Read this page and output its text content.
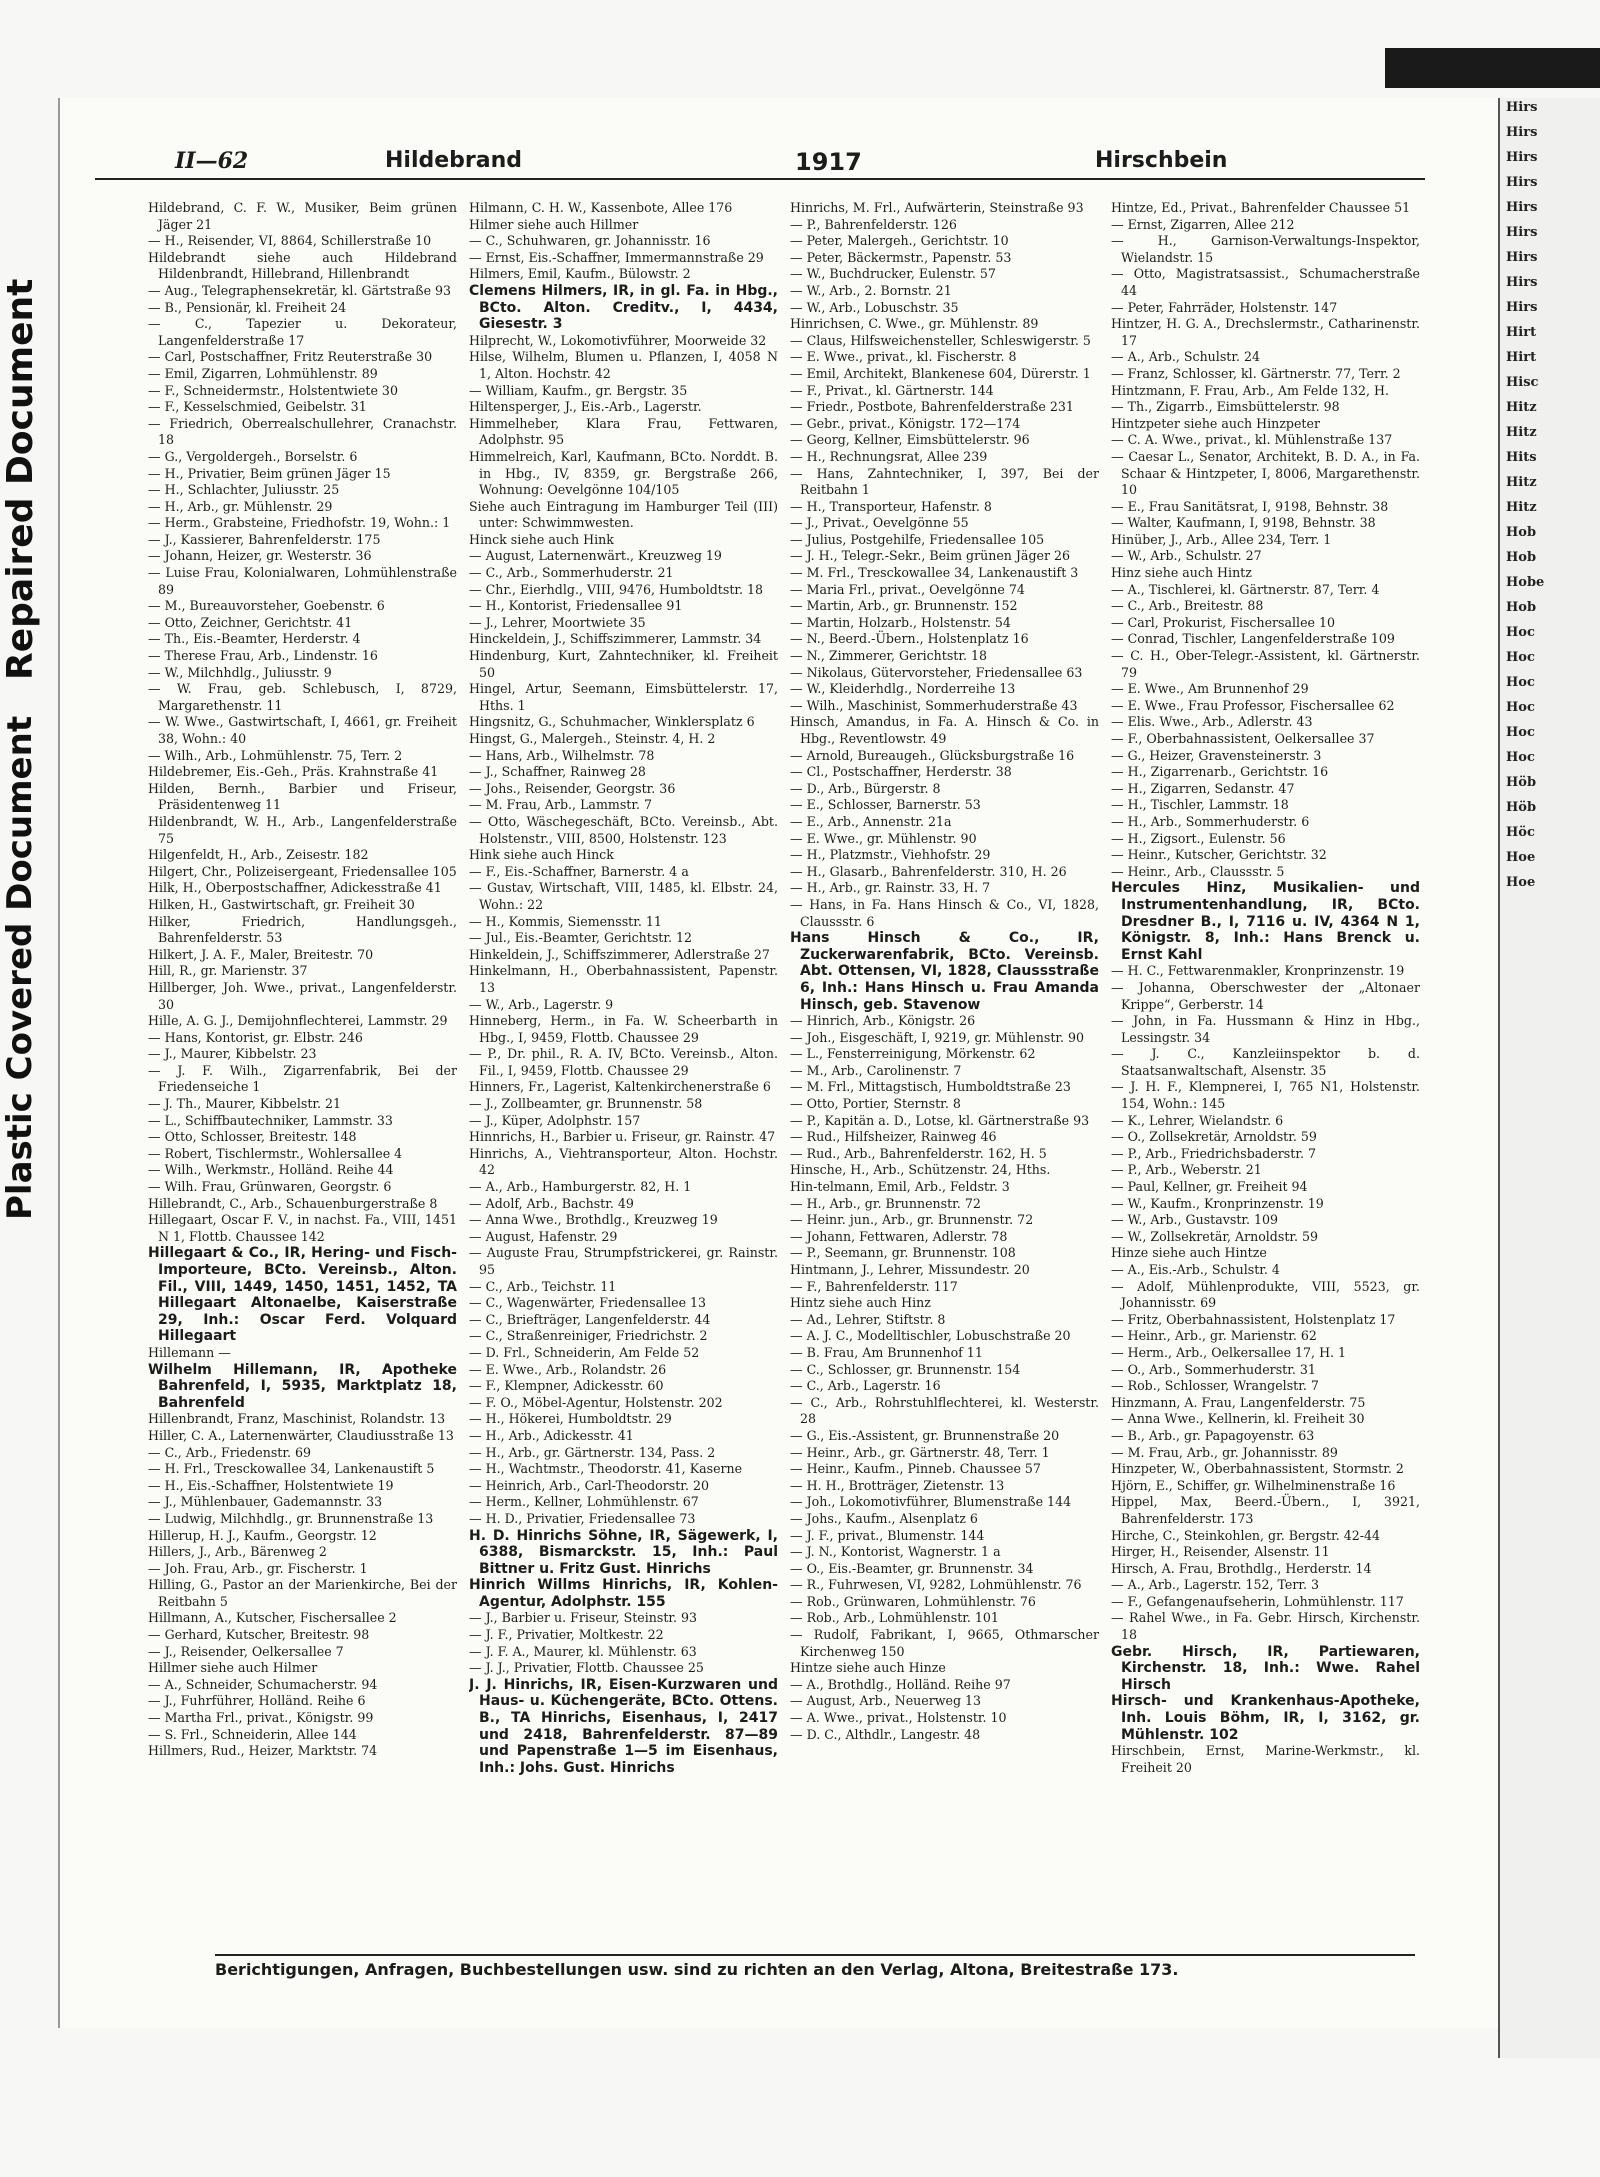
Plastic Covered Document
Repaired Document
Hirs
Hirs
Hirs
Hirs
Hirs
Hirs
Hirs
Hirs
Hirs
Hirt
Hirt
Hisc
Hitz
Hitz
Hits
Hitz
Hitz
Hob
Hob
Hobe
Hob
Hoc
Hoc
Hoc
Hoc
Hoc
Hoc
Höb
Höb
Höc
Hoe
Hoe
II—62	Hildebrand	1917	Hirschbein

Hildebrand, C. F. W., Musiker, Beim grünen Jäger 21

— H., Reisender, VI, 8864, Schillerstraße 10

Hildebrandt siehe auch Hildebrand Hildenbrandt, Hillebrand, Hillenbrandt

— Aug., Telegraphensekretär, kl. Gärtstraße 93

— B., Pensionär, kl. Freiheit 24

— C., Tapezier u. Dekorateur, Langenfelderstraße 17

— Carl, Postschaffner, Fritz Reuterstraße 30

— Emil, Zigarren, Lohmühlenstr. 89

— F., Schneidermstr., Holstentwiete 30

— F., Kesselschmied, Geibelstr. 31

— Friedrich, Oberrealschullehrer, Cranachstr. 18

— G., Vergoldergeh., Borselstr. 6

— H., Privatier, Beim grünen Jäger 15

— H., Schlachter, Juliusstr. 25

— H., Arb., gr. Mühlenstr. 29

— Herm., Grabsteine, Friedhofstr. 19, Wohn.: 1

— J., Kassierer, Bahrenfelderstr. 175

— Johann, Heizer, gr. Westerstr. 36

— Luise Frau, Kolonialwaren, Lohmühlenstraße 89

— M., Bureauvorsteher, Goebenstr. 6

— Otto, Zeichner, Gerichtstr. 41

— Th., Eis.-Beamter, Herderstr. 4

— Therese Frau, Arb., Lindenstr. 16

— W., Milchhdlg., Juliusstr. 9

— W. Frau, geb. Schlebusch, I, 8729, Margarethenstr. 11

— W. Wwe., Gastwirtschaft, I, 4661, gr. Freiheit 38, Wohn.: 40

— Wilh., Arb., Lohmühlenstr. 75, Terr. 2

Hildebremer, Eis.-Geh., Präs. Krahnstraße 41

Hilden, Bernh., Barbier und Friseur, Präsidentenweg 11

Hildenbrandt, W. H., Arb., Langenfelderstraße 75

Hilgenfeldt, H., Arb., Zeisestr. 182

Hilgert, Chr., Polizeisergeant, Friedensallee 105

Hilk, H., Oberpostschaffner, Adickesstraße 41

Hilken, H., Gastwirtschaft, gr. Freiheit 30

Hilker, Friedrich, Handlungsgeh., Bahrenfelderstr. 53

Hilkert, J. A. F., Maler, Breitestr. 70

Hill, R., gr. Marienstr. 37

Hillberger, Joh. Wwe., privat., Langenfelderstr. 30

Hille, A. G. J., Demijohnflechterei, Lammstr. 29

— Hans, Kontorist, gr. Elbstr. 246

— J., Maurer, Kibbelstr. 23

— J. F. Wilh., Zigarrenfabrik, Bei der Friedenseiche 1

— J. Th., Maurer, Kibbelstr. 21

— L., Schiffbautechniker, Lammstr. 33

— Otto, Schlosser, Breitestr. 148

— Robert, Tischlermstr., Wohlersallee 4

— Wilh., Werkmstr., Holländ. Reihe 44

— Wilh. Frau, Grünwaren, Georgstr. 6

Hillebrandt, C., Arb., Schauenburgerstraße 8

Hillegaart, Oscar F. V., in nachst. Fa., VIII, 1451 N 1, Flottb. Chaussee 142

Hillegaart & Co., IR, Hering- und Fisch-Importeure, BCto. Vereinsb., Alton. Fil., VIII, 1449, 1450, 1451, 1452, TA Hillegaart Altonaelbe, Kaiserstraße 29, Inh.: Oscar Ferd. Volquard Hillegaart

Hillemann —

Wilhelm Hillemann, IR, Apotheke Bahrenfeld, I, 5935, Marktplatz 18, Bahrenfeld

Hillenbrandt, Franz, Maschinist, Rolandstr. 13

Hiller, C. A., Laternenwärter, Claudiusstraße 13

— C., Arb., Friedenstr. 69

— H. Frl., Tresckowallee 34, Lankenaustift 5

— H., Eis.-Schaffner, Holstentwiete 19

— J., Mühlenbauer, Gademannstr. 33

— Ludwig, Milchhdlg., gr. Brunnenstraße 13

Hillerup, H. J., Kaufm., Georgstr. 12

Hillers, J., Arb., Bärenweg 2

— Joh. Frau, Arb., gr. Fischerstr. 1

Hilling, G., Pastor an der Marienkirche, Bei der Reitbahn 5

Hillmann, A., Kutscher, Fischersallee 2

— Gerhard, Kutscher, Breitestr. 98

— J., Reisender, Oelkersallee 7

Hillmer siehe auch Hilmer

— A., Schneider, Schumacherstr. 94

— J., Fuhrführer, Holländ. Reihe 6

— Martha Frl., privat., Königstr. 99

— S. Frl., Schneiderin, Allee 144

Hillmers, Rud., Heizer, Marktstr. 74

Hilmann, C. H. W., Kassenbote, Allee 176

Hilmer siehe auch Hillmer

— C., Schuhwaren, gr. Johannisstr. 16

— Ernst, Eis.-Schaffner, Immermannstraße 29

Hilmers, Emil, Kaufm., Bülowstr. 2

Clemens Hilmers, IR, in gl. Fa. in Hbg., BCto. Alton. Creditv., I, 4434, Giesestr. 3

Hilprecht, W., Lokomotivführer, Moorweide 32

Hilse, Wilhelm, Blumen u. Pflanzen, I, 4058 N 1, Alton. Hochstr. 42

— William, Kaufm., gr. Bergstr. 35

Hiltensperger, J., Eis.-Arb., Lagerstr.

Himmelheber, Klara Frau, Fettwaren, Adolphstr. 95

Himmelreich, Karl, Kaufmann, BCto. Norddt. B. in Hbg., IV, 8359, gr. Bergstraße 266, Wohnung: Oevelgönne 104/105

Siehe auch Eintragung im Hamburger Teil (III) unter: Schwimmwesten.

Hinck siehe auch Hink

— August, Laternenwärt., Kreuzweg 19

— C., Arb., Sommerhuderstr. 21

— Chr., Eierhdlg., VIII, 9476, Humboldtstr. 18

— H., Kontorist, Friedensallee 91

— J., Lehrer, Moortwiete 35

Hinckeldein, J., Schiffszimmerer, Lammstr. 34

Hindenburg, Kurt, Zahntechniker, kl. Freiheit 50

Hingel, Artur, Seemann, Eimsbüttelerstr. 17, Hths. 1

Hingsnitz, G., Schuhmacher, Winklersplatz 6

Hingst, G., Malergeh., Steinstr. 4, H. 2

— Hans, Arb., Wilhelmstr. 78

— J., Schaffner, Rainweg 28

— Johs., Reisender, Georgstr. 36

— M. Frau, Arb., Lammstr. 7

— Otto, Wäschegeschäft, BCto. Vereinsb., Abt. Holstenstr., VIII, 8500, Holstenstr. 123

Hink siehe auch Hinck

— F., Eis.-Schaffner, Barnerstr. 4 a

— Gustav, Wirtschaft, VIII, 1485, kl. Elbstr. 24, Wohn.: 22

— H., Kommis, Siemensstr. 11

— Jul., Eis.-Beamter, Gerichtstr. 12

Hinkeldein, J., Schiffszimmerer, Adlerstraße 27

Hinkelmann, H., Oberbahnassistent, Papenstr. 13

— W., Arb., Lagerstr. 9

Hinneberg, Herm., in Fa. W. Scheerbarth in Hbg., I, 9459, Flottb. Chaussee 29

— P., Dr. phil., R. A. IV, BCto. Vereinsb., Alton. Fil., I, 9459, Flottb. Chaussee 29

Hinners, Fr., Lagerist, Kaltenkirchenerstraße 6

— J., Zollbeamter, gr. Brunnenstr. 58

— J., Küper, Adolphstr. 157

Hinnrichs, H., Barbier u. Friseur, gr. Rainstr. 47

Hinrichs, A., Viehtransporteur, Alton. Hochstr. 42

— A., Arb., Hamburgerstr. 82, H. 1

— Adolf, Arb., Bachstr. 49

— Anna Wwe., Brothdlg., Kreuzweg 19

— August, Hafenstr. 29

— Auguste Frau, Strumpfstrickerei, gr. Rainstr. 95

— C., Arb., Teichstr. 11

— C., Wagenwärter, Friedensallee 13

— C., Briefträger, Langenfelderstr. 44

— C., Straßenreiniger, Friedrichstr. 2

— D. Frl., Schneiderin, Am Felde 52

— E. Wwe., Arb., Rolandstr. 26

— F., Klempner, Adickesstr. 60

— F. O., Möbel-Agentur, Holstenstr. 202

— H., Hökerei, Humboldtstr. 29

— H., Arb., Adickesstr. 41

— H., Arb., gr. Gärtnerstr. 134, Pass. 2

— H., Wachtmstr., Theodorstr. 41, Kaserne

— Heinrich, Arb., Carl-Theodorstr. 20

— Herm., Kellner, Lohmühlenstr. 67

— H. D., Privatier, Friedensallee 73

H. D. Hinrichs Söhne, IR, Sägewerk, I, 6388, Bismarckstr. 15, Inh.: Paul Bittner u. Fritz Gust. Hinrichs

Hinrich Willms Hinrichs, IR, Kohlen-Agentur, Adolphstr. 155

— J., Barbier u. Friseur, Steinstr. 93

— J. F., Privatier, Moltkestr. 22

— J. F. A., Maurer, kl. Mühlenstr. 63

— J. J., Privatier, Flottb. Chaussee 25

J. J. Hinrichs, IR, Eisen-Kurzwaren und Haus- u. Küchengeräte, BCto. Ottens. B., TA Hinrichs, Eisenhaus, I, 2417 und 2418, Bahrenfelderstr. 87—89 und Papenstraße 1—5 im Eisenhaus, Inh.: Johs. Gust. Hinrichs

Hinrichs, M. Frl., Aufwärterin, Steinstraße 93

— P., Bahrenfelderstr. 126

— Peter, Malergeh., Gerichtstr. 10

— Peter, Bäckermstr., Papenstr. 53

— W., Buchdrucker, Eulenstr. 57

— W., Arb., 2. Bornstr. 21

— W., Arb., Lobuschstr. 35

Hinrichsen, C. Wwe., gr. Mühlenstr. 89

— Claus, Hilfsweichensteller, Schleswigerstr. 5

— E. Wwe., privat., kl. Fischerstr. 8

— Emil, Architekt, Blankenese 604, Dürerstr. 1

— F., Privat., kl. Gärtnerstr. 144

— Friedr., Postbote, Bahrenfelderstraße 231

— Gebr., privat., Königstr. 172—174

— Georg, Kellner, Eimsbüttelerstr. 96

— H., Rechnungsrat, Allee 239

— Hans, Zahntechniker, I, 397, Bei der Reitbahn 1

— H., Transporteur, Hafenstr. 8

— J., Privat., Oevelgönne 55

— Julius, Postgehilfe, Friedensallee 105

— J. H., Telegr.-Sekr., Beim grünen Jäger 26

— M. Frl., Tresckowallee 34, Lankenaustift 3

— Maria Frl., privat., Oevelgönne 74

— Martin, Arb., gr. Brunnenstr. 152

— Martin, Holzarb., Holstenstr. 54

— N., Beerd.-Übern., Holstenplatz 16

— N., Zimmerer, Gerichtstr. 18

— Nikolaus, Gütervorsteher, Friedensallee 63

— W., Kleiderhdlg., Norderreihe 13

— Wilh., Maschinist, Sommerhuderstraße 43

Hinsch, Amandus, in Fa. A. Hinsch & Co. in Hbg., Reventlowstr. 49

— Arnold, Bureaugeh., Glücksburgstraße 16

— Cl., Postschaffner, Herderstr. 38

— D., Arb., Bürgerstr. 8

— E., Schlosser, Barnerstr. 53

— E., Arb., Annenstr. 21a

— E. Wwe., gr. Mühlenstr. 90

— H., Platzmstr., Viehhofstr. 29

— H., Glasarb., Bahrenfelderstr. 310, H. 26

— H., Arb., gr. Rainstr. 33, H. 7

— Hans, in Fa. Hans Hinsch & Co., VI, 1828, Claussstr. 6

Hans Hinsch & Co., IR, Zuckerwarenfabrik, BCto. Vereinsb. Abt. Ottensen, VI, 1828, Claussstraße 6, Inh.: Hans Hinsch u. Frau Amanda Hinsch, geb. Stavenow

— Hinrich, Arb., Königstr. 26

— Joh., Eisgeschäft, I, 9219, gr. Mühlenstr. 90

— L., Fensterreinigung, Mörkenstr. 62

— M., Arb., Carolinenstr. 7

— M. Frl., Mittagstisch, Humboldtstraße 23

— Otto, Portier, Sternstr. 8

— P., Kapitän a. D., Lotse, kl. Gärtnerstraße 93

— Rud., Hilfsheizer, Rainweg 46

— Rud., Arb., Bahrenfelderstr. 162, H. 5

Hinsche, H., Arb., Schützenstr. 24, Hths.

Hin-telmann, Emil, Arb., Feldstr. 3

— H., Arb., gr. Brunnenstr. 72

— Heinr. jun., Arb., gr. Brunnenstr. 72

— Johann, Fettwaren, Adlerstr. 78

— P., Seemann, gr. Brunnenstr. 108

Hintmann, J., Lehrer, Missundestr. 20

— F., Bahrenfelderstr. 117

Hintz siehe auch Hinz

— Ad., Lehrer, Stiftstr. 8

— A. J. C., Modelltischler, Lobuschstraße 20

— B. Frau, Am Brunnenhof 11

— C., Schlosser, gr. Brunnenstr. 154

— C., Arb., Lagerstr. 16

— C., Arb., Rohrstuhlflechterei, kl. Westerstr. 28

— G., Eis.-Assistent, gr. Brunnenstraße 20

— Heinr., Arb., gr. Gärtnerstr. 48, Terr. 1

— Heinr., Kaufm., Pinneb. Chaussee 57

— H. H., Brotträger, Zietenstr. 13

— Joh., Lokomotivführer, Blumenstraße 144

— Johs., Kaufm., Alsenplatz 6

— J. F., privat., Blumenstr. 144

— J. N., Kontorist, Wagnerstr. 1 a

— O., Eis.-Beamter, gr. Brunnenstr. 34

— R., Fuhrwesen, VI, 9282, Lohmühlenstr. 76

— Rob., Grünwaren, Lohmühlenstr. 76

— Rob., Arb., Lohmühlenstr. 101

— Rudolf, Fabrikant, I, 9665, Othmarscher Kirchenweg 150

Hintze siehe auch Hinze

— A., Brothdlg., Holländ. Reihe 97

— August, Arb., Neuerweg 13

— A. Wwe., privat., Holstenstr. 10

— D. C., Althdlr., Langestr. 48

Hintze, Ed., Privat., Bahrenfelder Chaussee 51

— Ernst, Zigarren, Allee 212

— H., Garnison-Verwaltungs-Inspektor, Wielandstr. 15

— Otto, Magistratsassist., Schumacherstraße 44

— Peter, Fahrräder, Holstenstr. 147

Hintzer, H. G. A., Drechslermstr., Catharinenstr. 17

— A., Arb., Schulstr. 24

— Franz, Schlosser, kl. Gärtnerstr. 77, Terr. 2

Hintzmann, F. Frau, Arb., Am Felde 132, H.

— Th., Zigarrb., Eimsbüttelerstr. 98

Hintzpeter siehe auch Hinzpeter

— C. A. Wwe., privat., kl. Mühlenstraße 137

— Caesar L., Senator, Architekt, B. D. A., in Fa. Schaar & Hintzpeter, I, 8006, Margarethenstr. 10

— E., Frau Sanitätsrat, I, 9198, Behnstr. 38

— Walter, Kaufmann, I, 9198, Behnstr. 38

Hinüber, J., Arb., Allee 234, Terr. 1

— W., Arb., Schulstr. 27

Hinz siehe auch Hintz

— A., Tischlerei, kl. Gärtnerstr. 87, Terr. 4

— C., Arb., Breitestr. 88

— Carl, Prokurist, Fischersallee 10

— Conrad, Tischler, Langenfelderstraße 109

— C. H., Ober-Telegr.-Assistent, kl. Gärtnerstr. 79

— E. Wwe., Am Brunnenhof 29

— E. Wwe., Frau Professor, Fischersallee 62

— Elis. Wwe., Arb., Adlerstr. 43

— F., Oberbahnassistent, Oelkersallee 37

— G., Heizer, Gravensteinerstr. 3

— H., Zigarrenarb., Gerichtstr. 16

— H., Zigarren, Sedanstr. 47

— H., Tischler, Lammstr. 18

— H., Arb., Sommerhuderstr. 6

— H., Zigsort., Eulenstr. 56

— Heinr., Kutscher, Gerichtstr. 32

— Heinr., Arb., Claussstr. 5

Hercules Hinz, Musikalien- und Instrumentenhandlung, IR, BCto. Dresdner B., I, 7116 u. IV, 4364 N 1, Königstr. 8, Inh.: Hans Brenck u. Ernst Kahl

— H. C., Fettwarenmakler, Kronprinzenstr. 19

— Johanna, Oberschwester der „Altonaer Krippe“, Gerberstr. 14

— John, in Fa. Hussmann & Hinz in Hbg., Lessingstr. 34

— J. C., Kanzleiinspektor b. d. Staatsanwaltschaft, Alsenstr. 35

— J. H. F., Klempnerei, I, 765 N1, Holstenstr. 154, Wohn.: 145

— K., Lehrer, Wielandstr. 6

— O., Zollsekretär, Arnoldstr. 59

— P., Arb., Friedrichsbaderstr. 7

— P., Arb., Weberstr. 21

— Paul, Kellner, gr. Freiheit 94

— W., Kaufm., Kronprinzenstr. 19

— W., Arb., Gustavstr. 109

— W., Zollsekretär, Arnoldstr. 59

Hinze siehe auch Hintze

— A., Eis.-Arb., Schulstr. 4

— Adolf, Mühlenprodukte, VIII, 5523, gr. Johannisstr. 69

— Fritz, Oberbahnassistent, Holstenplatz 17

— Heinr., Arb., gr. Marienstr. 62

— Herm., Arb., Oelkersallee 17, H. 1

— O., Arb., Sommerhuderstr. 31

— Rob., Schlosser, Wrangelstr. 7

Hinzmann, A. Frau, Langenfelderstr. 75

— Anna Wwe., Kellnerin, kl. Freiheit 30

— B., Arb., gr. Papagoyenstr. 63

— M. Frau, Arb., gr. Johannisstr. 89

Hinzpeter, W., Oberbahnassistent, Stormstr. 2

Hjörn, E., Schiffer, gr. Wilhelminenstraße 16

Hippel, Max, Beerd.-Übern., I, 3921, Bahrenfelderstr. 173

Hirche, C., Steinkohlen, gr. Bergstr. 42-44

Hirger, H., Reisender, Alsenstr. 11

Hirsch, A. Frau, Brothdlg., Herderstr. 14

— A., Arb., Lagerstr. 152, Terr. 3

— F., Gefangenaufseherin, Lohmühlenstr. 117

— Rahel Wwe., in Fa. Gebr. Hirsch, Kirchenstr. 18

Gebr. Hirsch, IR, Partiewaren, Kirchenstr. 18, Inh.: Wwe. Rahel Hirsch

Hirsch- und Krankenhaus-Apotheke, Inh. Louis Böhm, IR, I, 3162, gr. Mühlenstr. 102

Hirschbein, Ernst, Marine-Werkmstr., kl. Freiheit 20

Berichtigungen, Anfragen, Buchbestellungen usw. sind zu richten an den Verlag, Altona, Breitestraße 173.
